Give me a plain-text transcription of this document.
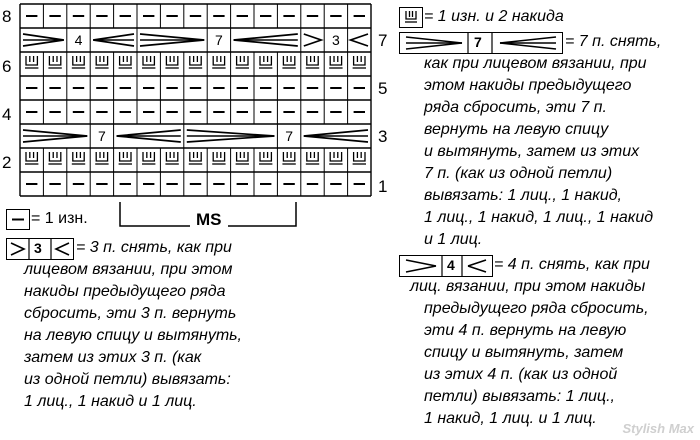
4	7	3
7	7
8
6
4
2
7
5
3
1
MS
= 1 изн.
= 1 изн. и 2 накида
3 = 3 п. снять, как при
лицевом вязании, при этом
накиды предыдущего ряда
сбросить, эти 3 п. вернуть
на левую спицу и вытянуть,
затем из этих 3 п. (как
из одной петли) вывязать:
1 лиц., 1 накид и 1 лиц.
7	= 7 п. снять,
как при лицевом вязании, при
этом накиды предыдущего
ряда сбросить, эти 7 п.
вернуть на левую спицу
и вытянуть, затем из этих
7 п. (как из одной петли)
вывязать: 1 лиц., 1 накид,
1 лиц., 1 накид, 1 лиц., 1 накид
и 1 лиц.
4 = 4 п. снять, как при
лиц. вязании, при этом накиды
предыдущего ряда сбросить,
эти 4 п. вернуть на левую
спицу и вытянуть, затем
из этих 4 п. (как из одной
петли) вывязать: 1 лиц.,
1 накид, 1 лиц. и 1 лиц.
Stylish Max
